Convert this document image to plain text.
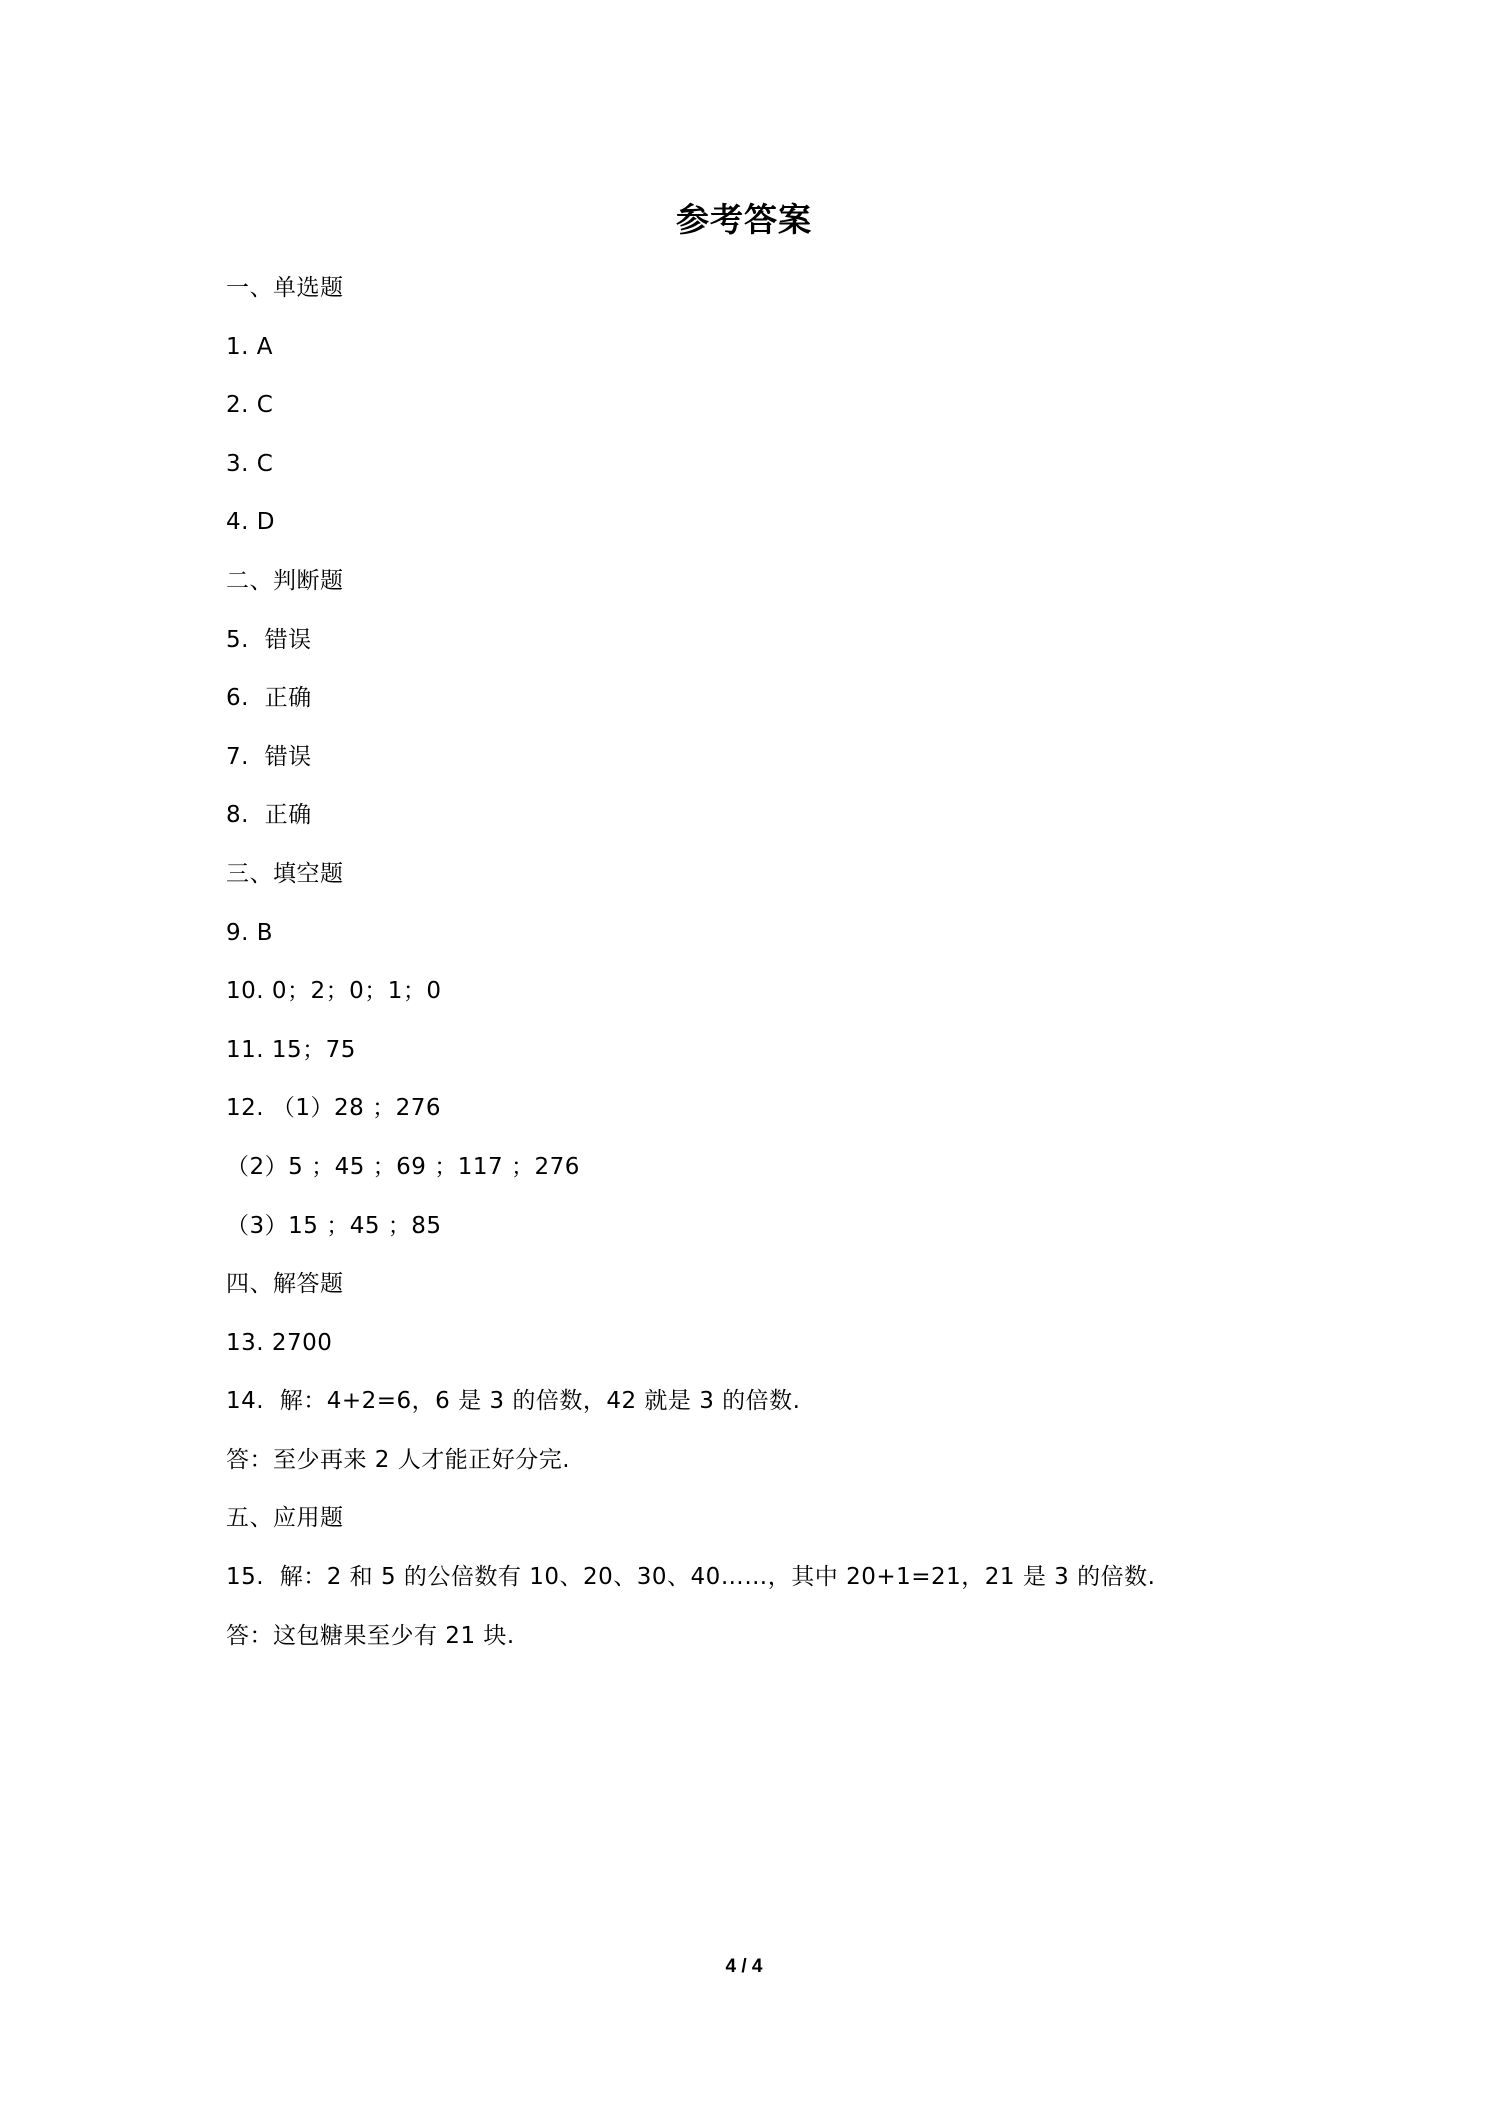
参考答案
一、单选题
1. A
2. C
3. C
4. D
二、判断题
5.  错误
6.  正确
7.  错误
8.  正确
三、填空题
9. B
10. 0；2；0；1；0
11. 15；75
12. （1）28 ；276
（2）5 ；45 ；69 ；117 ；276
（3）15 ；45 ；85
四、解答题
13. 2700
14.  解：4+2=6，6 是 3 的倍数，42 就是 3 的倍数.
答：至少再来 2 人才能正好分完.
五、应用题
15.  解：2 和 5 的公倍数有 10、20、30、40……，其中 20+1=21，21 是 3 的倍数.
答：这包糖果至少有 21 块.
4 / 4
